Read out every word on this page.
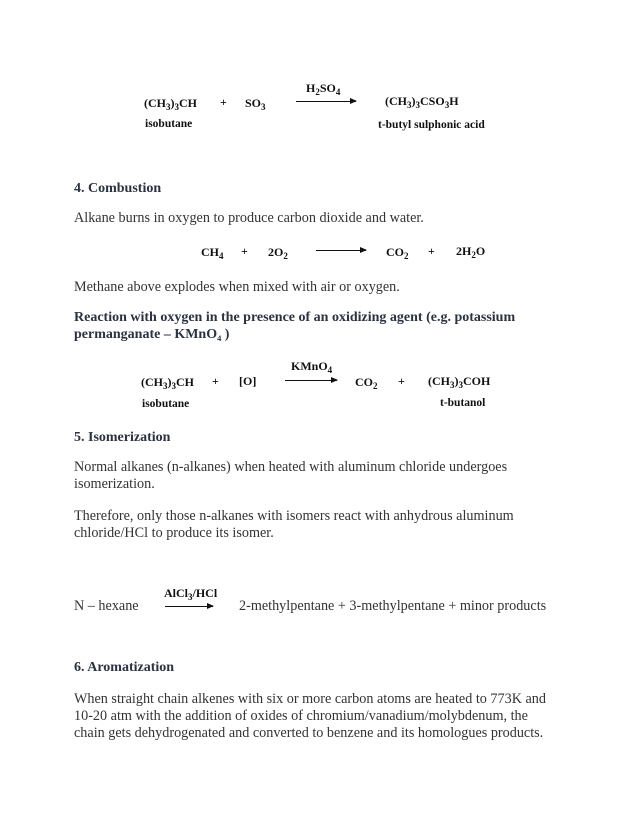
$H_2SO_4$
$(CH_3)_3CH + SO_3$	$(CH_3)_3CSO_3H$
isobutane	t-butyl sulphonic acid
4. Combustion
Alkane burns in oxygen to produce carbon dioxide and water.
$CH_4 + 2O_2$	$CO_2 + 2H_2O$
Methane above explodes when mixed with air or oxygen.
Reaction with oxygen in the presence of an oxidizing agent (e.g. potassium
permanganate – KMnO₄ )
KMnO$_4$
$(CH_3)_3CH + [O]$	$CO_2 + (CH_3)_3COH$
isobutane	t-butanol
5. Isomerization
Normal alkanes (n-alkanes) when heated with aluminum chloride undergoes
isomerization.
Therefore, only those n-alkanes with isomers react with anhydrous aluminum
chloride/HCl to produce its isomer.
AlCl$_3$/HCl
N – hexane	2-methylpentane + 3-methylpentane + minor products
6. Aromatization
When straight chain alkenes with six or more carbon atoms are heated to 773K and
10-20 atm with the addition of oxides of chromium/vanadium/molybdenum, the
chain gets dehydrogenated and converted to benzene and its homologues products.
